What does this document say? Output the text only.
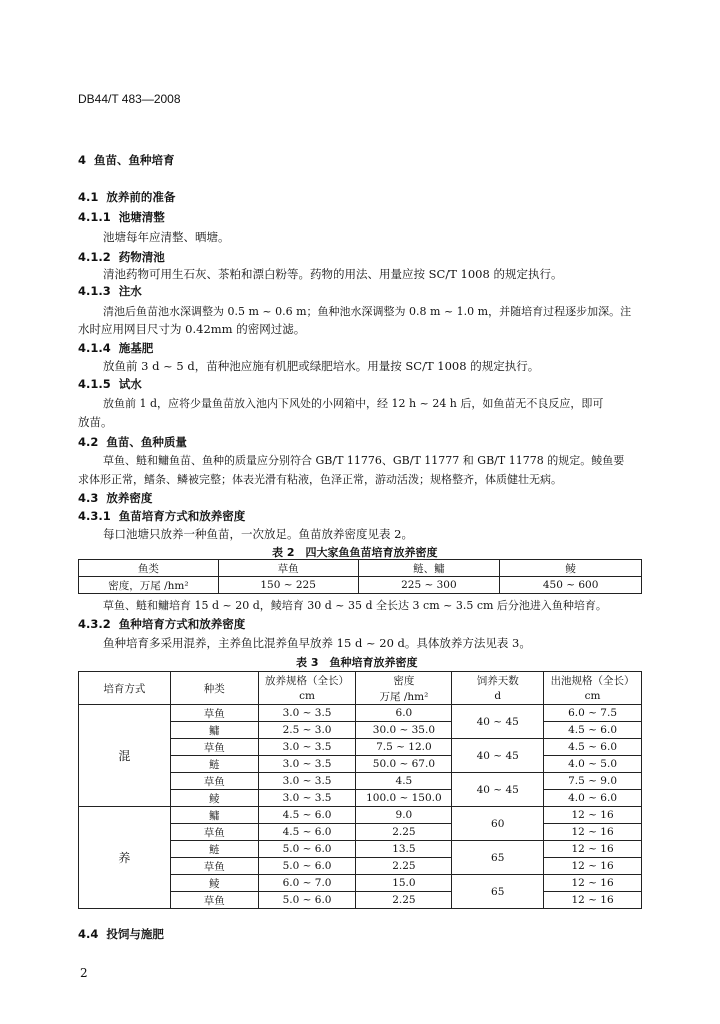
DB44/T 483—2008
4 鱼苗、鱼种培育
4.1 放养前的准备
4.1.1 池塘清整
池塘每年应清整、晒塘。
4.1.2 药物清池
清池药物可用生石灰、茶粕和漂白粉等。药物的用法、用量应按 SC/T 1008 的规定执行。
4.1.3 注水
清池后鱼苗池水深调整为 0.5 m ~ 0.6 m；鱼种池水深调整为 0.8 m ~ 1.0 m，并随培育过程逐步加深。注
水时应用网目尺寸为 0.42mm 的密网过滤。
4.1.4 施基肥
放鱼前 3 d ~ 5 d，苗种池应施有机肥或绿肥培水。用量按 SC/T 1008 的规定执行。
4.1.5 试水
放鱼前 1 d，应将少量鱼苗放入池内下风处的小网箱中，经 12 h ~ 24 h 后，如鱼苗无不良反应，即可
放苗。
4.2 鱼苗、鱼种质量
草鱼、鲢和鳙鱼苗、鱼种的质量应分别符合 GB/T 11776、GB/T 11777 和 GB/T 11778 的规定。鲮鱼要
求体形正常，鳍条、鳞被完整；体表光滑有粘液，色泽正常，游动活泼；规格整齐，体质健壮无病。
4.3 放养密度
4.3.1 鱼苗培育方式和放养密度
每口池塘只放养一种鱼苗，一次放足。鱼苗放养密度见表 2。
表 2　四大家鱼鱼苗培育放养密度
鱼类	草鱼	鲢、鳙	鲮
密度，万尾 /hm²	150 ~ 225	225 ~ 300	450 ~ 600
草鱼、鲢和鳙培育 15 d ~ 20 d，鲮培育 30 d ~ 35 d 全长达 3 cm ~ 3.5 cm 后分池进入鱼种培育。
4.3.2 鱼种培育方式和放养密度
鱼种培育多采用混养，主养鱼比混养鱼早放养 15 d ~ 20 d。具体放养方法见表 3。
表 3　鱼种培育放养密度
培育方式	种类	放养规格（全长）	密度	饲养天数	出池规格（全长）
		cm	万尾 /hm²	d	cm
混	草鱼	3.0 ~ 3.5	6.0	40 ~ 45	6.0 ~ 7.5
	鳙	2.5 ~ 3.0	30.0 ~ 35.0		4.5 ~ 6.0
	草鱼	3.0 ~ 3.5	7.5 ~ 12.0	40 ~ 45	4.5 ~ 6.0
	鲢	3.0 ~ 3.5	50.0 ~ 67.0		4.0 ~ 5.0
	草鱼	3.0 ~ 3.5	4.5	40 ~ 45	7.5 ~ 9.0
	鲮	3.0 ~ 3.5	100.0 ~ 150.0		4.0 ~ 6.0
养	鳙	4.5 ~ 6.0	9.0	60	12 ~ 16
	草鱼	4.5 ~ 6.0	2.25		12 ~ 16
	鲢	5.0 ~ 6.0	13.5	65	12 ~ 16
	草鱼	5.0 ~ 6.0	2.25		12 ~ 16
	鲮	6.0 ~ 7.0	15.0	65	12 ~ 16
	草鱼	5.0 ~ 6.0	2.25		12 ~ 16
4.4 投饲与施肥
2
